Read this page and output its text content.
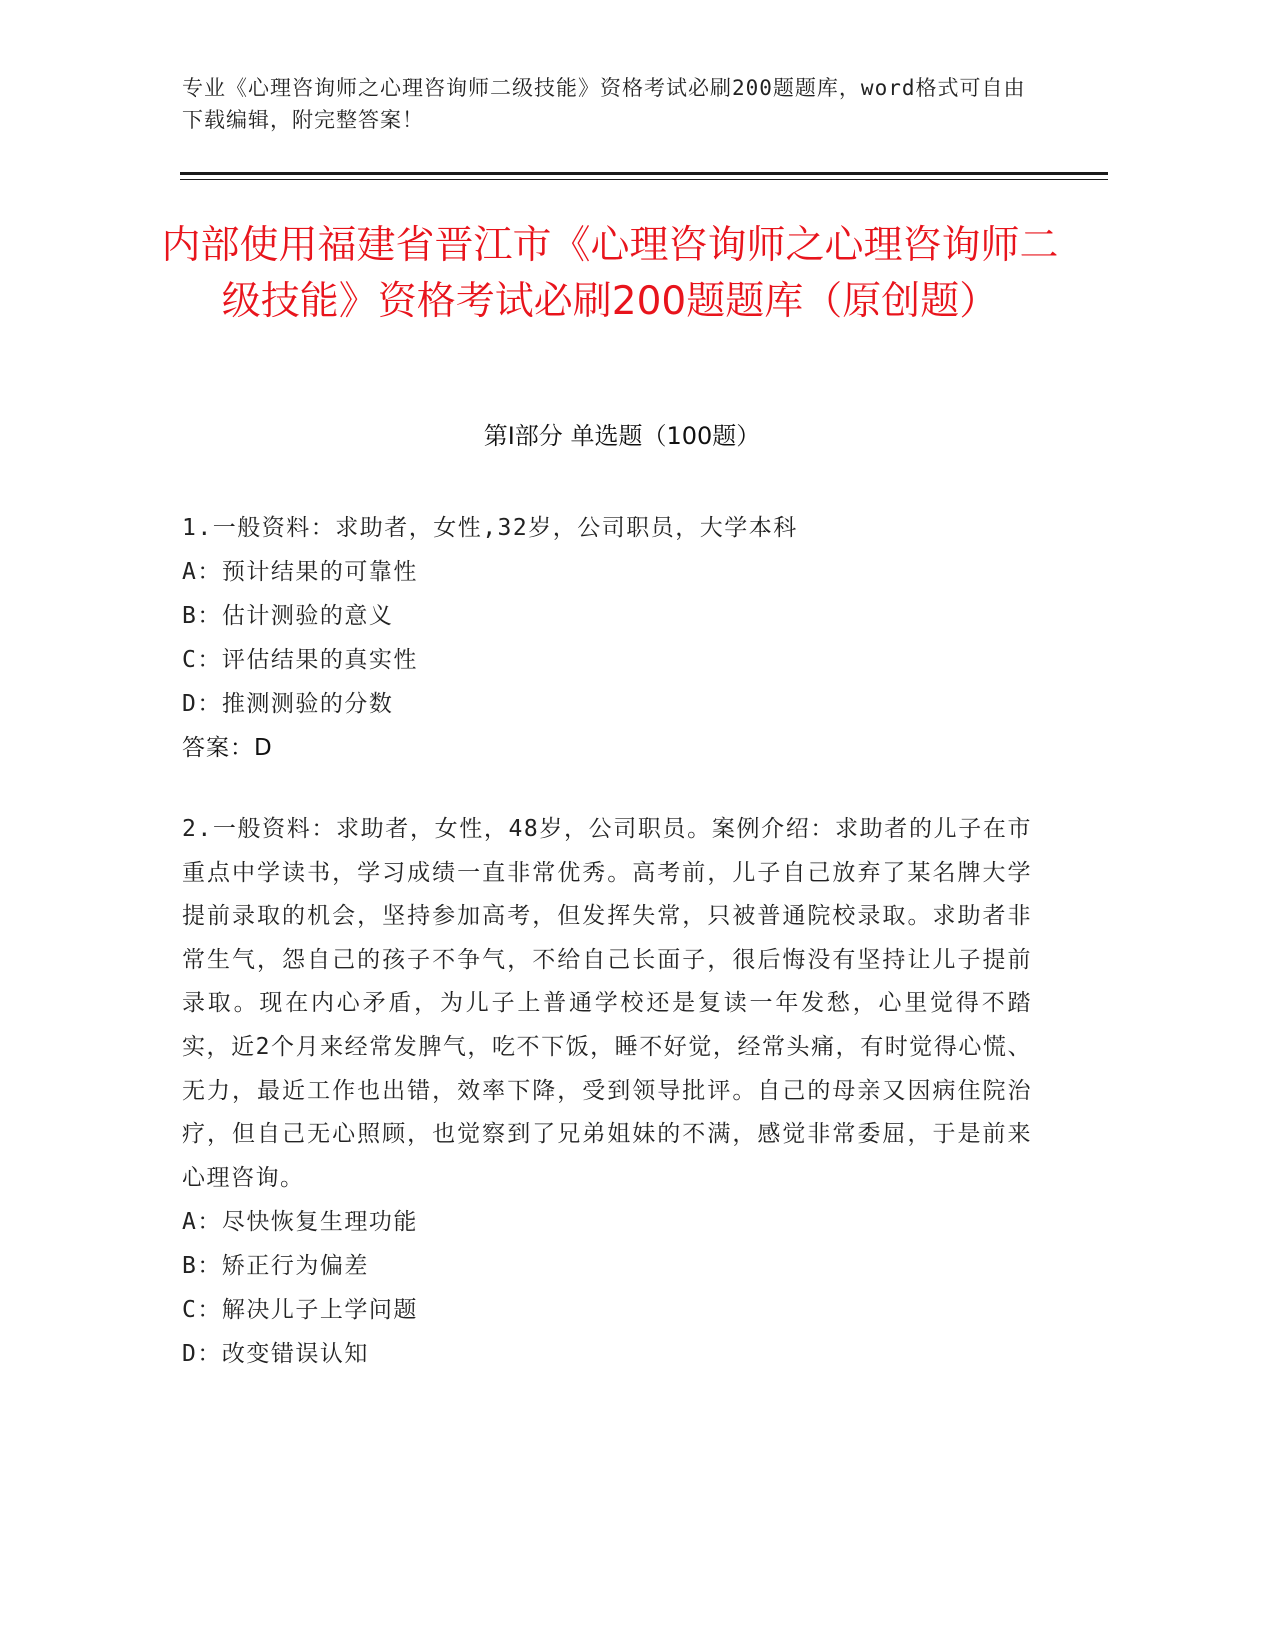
专业《心理咨询师之心理咨询师二级技能》资格考试必刷200题题库，word格式可自由下载编辑，附完整答案！
内部使用福建省晋江市《心理咨询师之心理咨询师二级技能》资格考试必刷200题题库（原创题）
第I部分 单选题（100题）
1.一般资料：求助者，女性,32岁，公司职员，大学本科
A：预计结果的可靠性
B：估计测验的意义
C：评估结果的真实性
D：推测测验的分数
答案：D
2.一般资料：求助者，女性，48岁，公司职员。案例介绍：求助者的儿子在市重点中学读书，学习成绩一直非常优秀。高考前，儿子自己放弃了某名牌大学提前录取的机会，坚持参加高考，但发挥失常，只被普通院校录取。求助者非常生气，怨自己的孩子不争气，不给自己长面子，很后悔没有坚持让儿子提前录取。现在内心矛盾，为儿子上普通学校还是复读一年发愁，心里觉得不踏实，近2个月来经常发脾气，吃不下饭，睡不好觉，经常头痛，有时觉得心慌、无力，最近工作也出错，效率下降，受到领导批评。自己的母亲又因病住院治疗，但自己无心照顾，也觉察到了兄弟姐妹的不满，感觉非常委屈，于是前来心理咨询。
A：尽快恢复生理功能
B：矫正行为偏差
C：解决儿子上学问题
D：改变错误认知
